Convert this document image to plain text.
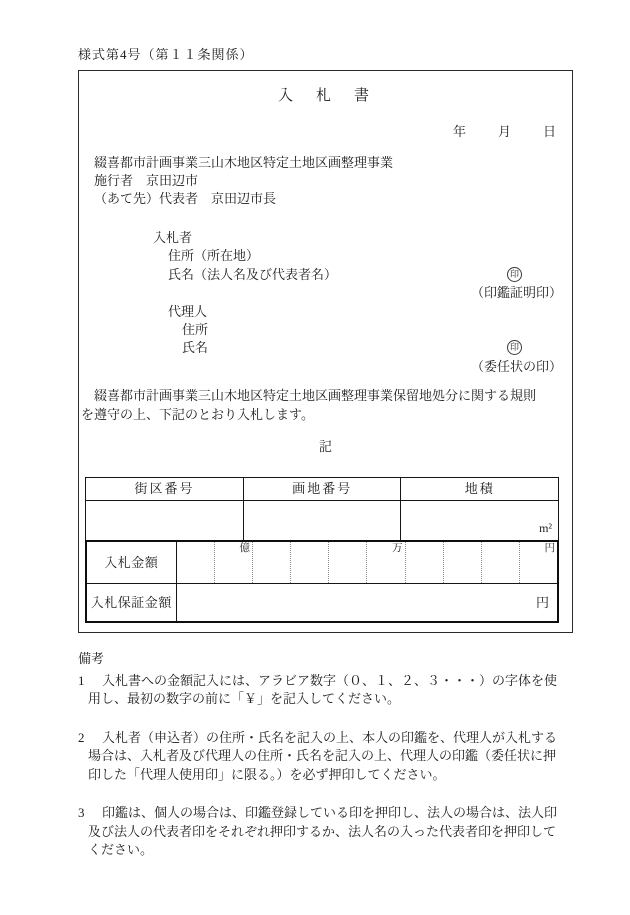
様式第4号（第１１条関係）
入　札　書
年 月 日
綴喜都市計画事業三山木地区特定土地区画整理事業
施行者　京田辺市
（あて先）代表者　京田辺市長
入札者
住所（所在地）
氏名（法人名及び代表者名）	印
（印鑑証明印）
代理人
住所
氏名	印
（委任状の印）
綴喜都市計画事業三山木地区特定土地区画整理事業保留地処分に関する規則を遵守の上、下記のとおり入札します。
記
街区番号	画地番号	地積
		m²
入札金額		億				万				円

入札保証金額	円									
備考
1 入札書への金額記入には、アラビア数字（０、１、２、３・・・）の字体を使用し、最初の数字の前に「￥」を記入してください。
2 入札者（申込者）の住所・氏名を記入の上、本人の印鑑を、代理人が入札する場合は、入札者及び代理人の住所・氏名を記入の上、代理人の印鑑（委任状に押印した「代理人使用印」に限る。）を必ず押印してください。
3 印鑑は、個人の場合は、印鑑登録している印を押印し、法人の場合は、法人印及び法人の代表者印をそれぞれ押印するか、法人名の入った代表者印を押印してください。
